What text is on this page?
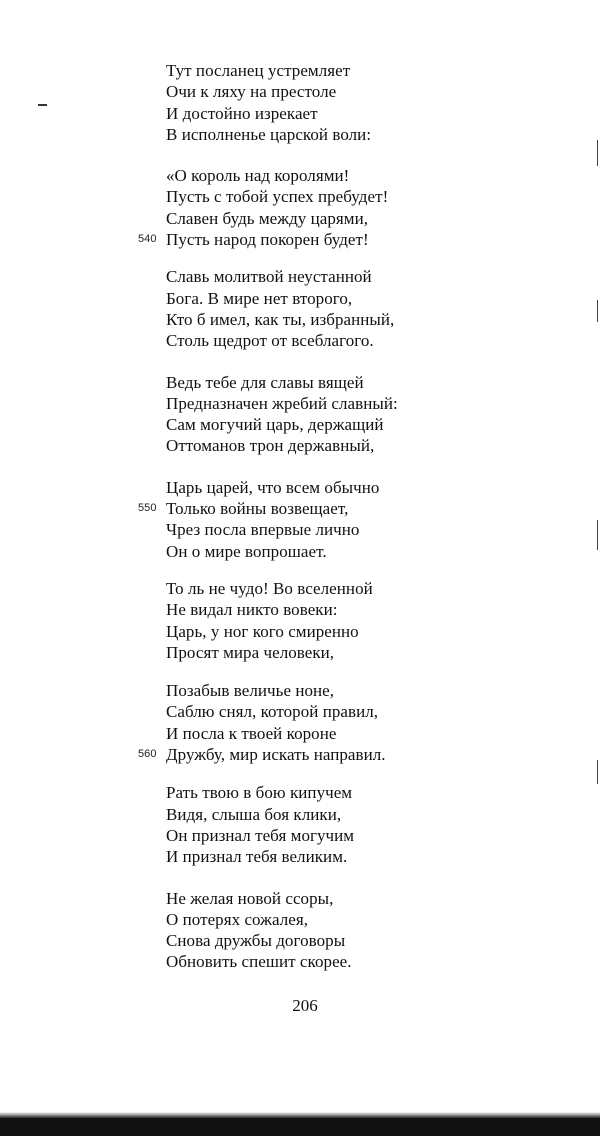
Тут посланец устремляет
Очи к ляху на престоле
И достойно изрекает
В исполненье царской воли:
«О король над королями!
Пусть с тобой успех пребудет!
Славен будь между царями,
540 Пусть народ покорен будет!
Славь молитвой неустанной
Бога. В мире нет второго,
Кто б имел, как ты, избранный,
Столь щедрот от всеблагого.
Ведь тебе для славы вящей
Предназначен жребий славный:
Сам могучий царь, держащий
Оттоманов трон державный,
Царь царей, что всем обычно
550 Только войны возвещает,
Чрез посла впервые лично
Он о мире вопрошает.
То ль не чудо! Во вселенной
Не видал никто вовеки:
Царь, у ног кого смиренно
Просят мира человеки,
Позабыв величье ноне,
Саблю снял, которой правил,
И посла к твоей короне
560 Дружбу, мир искать направил.
Рать твою в бою кипучем
Видя, слыша боя клики,
Он признал тебя могучим
И признал тебя великим.
Не желая новой ссоры,
О потерях сожалея,
Снова дружбы договоры
Обновить спешит скорее.
206
